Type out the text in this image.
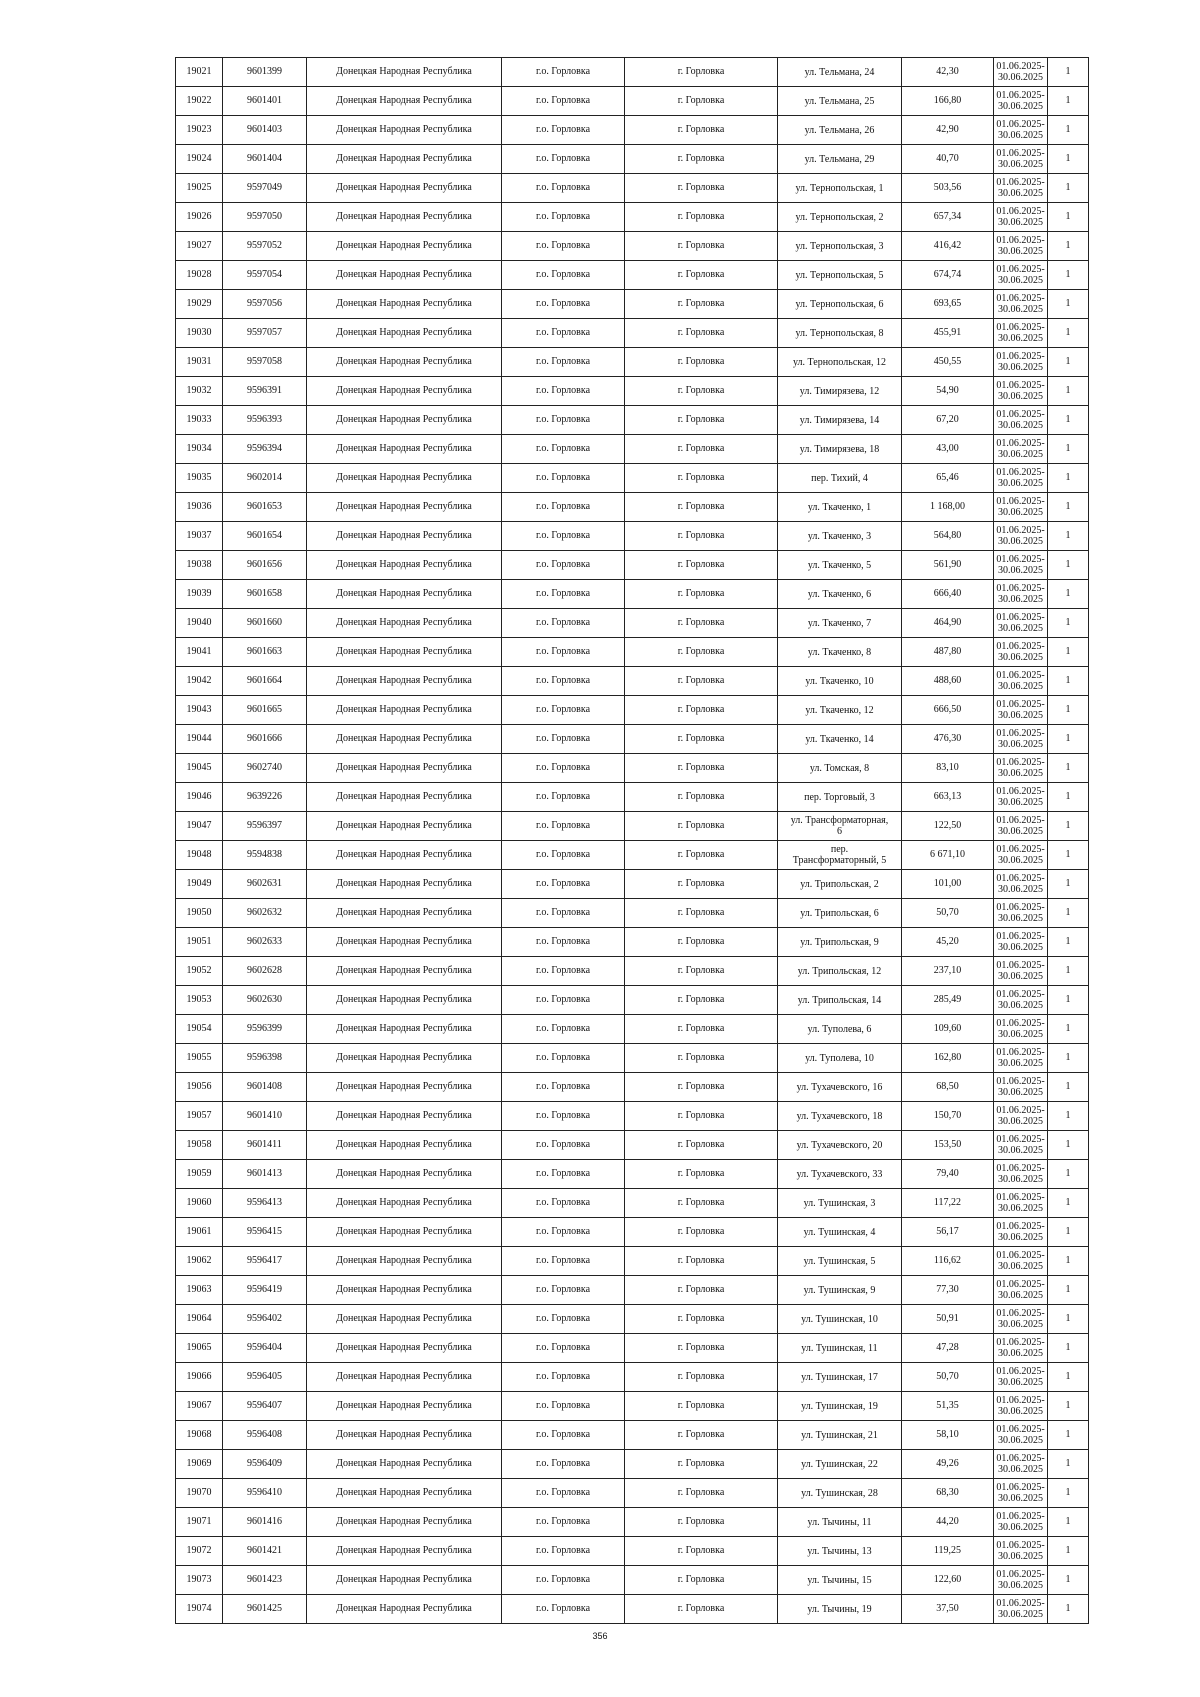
19021	9601399	Донецкая Народная Республика	г.о. Горловка	г. Горловка	ул. Тельмана, 24	42,30	01.06.2025-
30.06.2025	1
19022	9601401	Донецкая Народная Республика	г.о. Горловка	г. Горловка	ул. Тельмана, 25	166,80	01.06.2025-
30.06.2025	1
19023	9601403	Донецкая Народная Республика	г.о. Горловка	г. Горловка	ул. Тельмана, 26	42,90	01.06.2025-
30.06.2025	1
19024	9601404	Донецкая Народная Республика	г.о. Горловка	г. Горловка	ул. Тельмана, 29	40,70	01.06.2025-
30.06.2025	1
19025	9597049	Донецкая Народная Республика	г.о. Горловка	г. Горловка	ул. Тернопольская, 1	503,56	01.06.2025-
30.06.2025	1
19026	9597050	Донецкая Народная Республика	г.о. Горловка	г. Горловка	ул. Тернопольская, 2	657,34	01.06.2025-
30.06.2025	1
19027	9597052	Донецкая Народная Республика	г.о. Горловка	г. Горловка	ул. Тернопольская, 3	416,42	01.06.2025-
30.06.2025	1
19028	9597054	Донецкая Народная Республика	г.о. Горловка	г. Горловка	ул. Тернопольская, 5	674,74	01.06.2025-
30.06.2025	1
19029	9597056	Донецкая Народная Республика	г.о. Горловка	г. Горловка	ул. Тернопольская, 6	693,65	01.06.2025-
30.06.2025	1
19030	9597057	Донецкая Народная Республика	г.о. Горловка	г. Горловка	ул. Тернопольская, 8	455,91	01.06.2025-
30.06.2025	1
19031	9597058	Донецкая Народная Республика	г.о. Горловка	г. Горловка	ул. Тернопольская, 12	450,55	01.06.2025-
30.06.2025	1
19032	9596391	Донецкая Народная Республика	г.о. Горловка	г. Горловка	ул. Тимирязева, 12	54,90	01.06.2025-
30.06.2025	1
19033	9596393	Донецкая Народная Республика	г.о. Горловка	г. Горловка	ул. Тимирязева, 14	67,20	01.06.2025-
30.06.2025	1
19034	9596394	Донецкая Народная Республика	г.о. Горловка	г. Горловка	ул. Тимирязева, 18	43,00	01.06.2025-
30.06.2025	1
19035	9602014	Донецкая Народная Республика	г.о. Горловка	г. Горловка	пер. Тихий, 4	65,46	01.06.2025-
30.06.2025	1
19036	9601653	Донецкая Народная Республика	г.о. Горловка	г. Горловка	ул. Ткаченко, 1	1 168,00	01.06.2025-
30.06.2025	1
19037	9601654	Донецкая Народная Республика	г.о. Горловка	г. Горловка	ул. Ткаченко, 3	564,80	01.06.2025-
30.06.2025	1
19038	9601656	Донецкая Народная Республика	г.о. Горловка	г. Горловка	ул. Ткаченко, 5	561,90	01.06.2025-
30.06.2025	1
19039	9601658	Донецкая Народная Республика	г.о. Горловка	г. Горловка	ул. Ткаченко, 6	666,40	01.06.2025-
30.06.2025	1
19040	9601660	Донецкая Народная Республика	г.о. Горловка	г. Горловка	ул. Ткаченко, 7	464,90	01.06.2025-
30.06.2025	1
19041	9601663	Донецкая Народная Республика	г.о. Горловка	г. Горловка	ул. Ткаченко, 8	487,80	01.06.2025-
30.06.2025	1
19042	9601664	Донецкая Народная Республика	г.о. Горловка	г. Горловка	ул. Ткаченко, 10	488,60	01.06.2025-
30.06.2025	1
19043	9601665	Донецкая Народная Республика	г.о. Горловка	г. Горловка	ул. Ткаченко, 12	666,50	01.06.2025-
30.06.2025	1
19044	9601666	Донецкая Народная Республика	г.о. Горловка	г. Горловка	ул. Ткаченко, 14	476,30	01.06.2025-
30.06.2025	1
19045	9602740	Донецкая Народная Республика	г.о. Горловка	г. Горловка	ул. Томская, 8	83,10	01.06.2025-
30.06.2025	1
19046	9639226	Донецкая Народная Республика	г.о. Горловка	г. Горловка	пер. Торговый, 3	663,13	01.06.2025-
30.06.2025	1
19047	9596397	Донецкая Народная Республика	г.о. Горловка	г. Горловка	ул. Трансформаторная,
6	122,50	01.06.2025-
30.06.2025	1
19048	9594838	Донецкая Народная Республика	г.о. Горловка	г. Горловка	пер.
Трансформаторный, 5	6 671,10	01.06.2025-
30.06.2025	1
19049	9602631	Донецкая Народная Республика	г.о. Горловка	г. Горловка	ул. Трипольская, 2	101,00	01.06.2025-
30.06.2025	1
19050	9602632	Донецкая Народная Республика	г.о. Горловка	г. Горловка	ул. Трипольская, 6	50,70	01.06.2025-
30.06.2025	1
19051	9602633	Донецкая Народная Республика	г.о. Горловка	г. Горловка	ул. Трипольская, 9	45,20	01.06.2025-
30.06.2025	1
19052	9602628	Донецкая Народная Республика	г.о. Горловка	г. Горловка	ул. Трипольская, 12	237,10	01.06.2025-
30.06.2025	1
19053	9602630	Донецкая Народная Республика	г.о. Горловка	г. Горловка	ул. Трипольская, 14	285,49	01.06.2025-
30.06.2025	1
19054	9596399	Донецкая Народная Республика	г.о. Горловка	г. Горловка	ул. Туполева, 6	109,60	01.06.2025-
30.06.2025	1
19055	9596398	Донецкая Народная Республика	г.о. Горловка	г. Горловка	ул. Туполева, 10	162,80	01.06.2025-
30.06.2025	1
19056	9601408	Донецкая Народная Республика	г.о. Горловка	г. Горловка	ул. Тухачевского, 16	68,50	01.06.2025-
30.06.2025	1
19057	9601410	Донецкая Народная Республика	г.о. Горловка	г. Горловка	ул. Тухачевского, 18	150,70	01.06.2025-
30.06.2025	1
19058	9601411	Донецкая Народная Республика	г.о. Горловка	г. Горловка	ул. Тухачевского, 20	153,50	01.06.2025-
30.06.2025	1
19059	9601413	Донецкая Народная Республика	г.о. Горловка	г. Горловка	ул. Тухачевского, 33	79,40	01.06.2025-
30.06.2025	1
19060	9596413	Донецкая Народная Республика	г.о. Горловка	г. Горловка	ул. Тушинская, 3	117,22	01.06.2025-
30.06.2025	1
19061	9596415	Донецкая Народная Республика	г.о. Горловка	г. Горловка	ул. Тушинская, 4	56,17	01.06.2025-
30.06.2025	1
19062	9596417	Донецкая Народная Республика	г.о. Горловка	г. Горловка	ул. Тушинская, 5	116,62	01.06.2025-
30.06.2025	1
19063	9596419	Донецкая Народная Республика	г.о. Горловка	г. Горловка	ул. Тушинская, 9	77,30	01.06.2025-
30.06.2025	1
19064	9596402	Донецкая Народная Республика	г.о. Горловка	г. Горловка	ул. Тушинская, 10	50,91	01.06.2025-
30.06.2025	1
19065	9596404	Донецкая Народная Республика	г.о. Горловка	г. Горловка	ул. Тушинская, 11	47,28	01.06.2025-
30.06.2025	1
19066	9596405	Донецкая Народная Республика	г.о. Горловка	г. Горловка	ул. Тушинская, 17	50,70	01.06.2025-
30.06.2025	1
19067	9596407	Донецкая Народная Республика	г.о. Горловка	г. Горловка	ул. Тушинская, 19	51,35	01.06.2025-
30.06.2025	1
19068	9596408	Донецкая Народная Республика	г.о. Горловка	г. Горловка	ул. Тушинская, 21	58,10	01.06.2025-
30.06.2025	1
19069	9596409	Донецкая Народная Республика	г.о. Горловка	г. Горловка	ул. Тушинская, 22	49,26	01.06.2025-
30.06.2025	1
19070	9596410	Донецкая Народная Республика	г.о. Горловка	г. Горловка	ул. Тушинская, 28	68,30	01.06.2025-
30.06.2025	1
19071	9601416	Донецкая Народная Республика	г.о. Горловка	г. Горловка	ул. Тычины, 11	44,20	01.06.2025-
30.06.2025	1
19072	9601421	Донецкая Народная Республика	г.о. Горловка	г. Горловка	ул. Тычины, 13	119,25	01.06.2025-
30.06.2025	1
19073	9601423	Донецкая Народная Республика	г.о. Горловка	г. Горловка	ул. Тычины, 15	122,60	01.06.2025-
30.06.2025	1
19074	9601425	Донецкая Народная Республика	г.о. Горловка	г. Горловка	ул. Тычины, 19	37,50	01.06.2025-
30.06.2025	1
356
